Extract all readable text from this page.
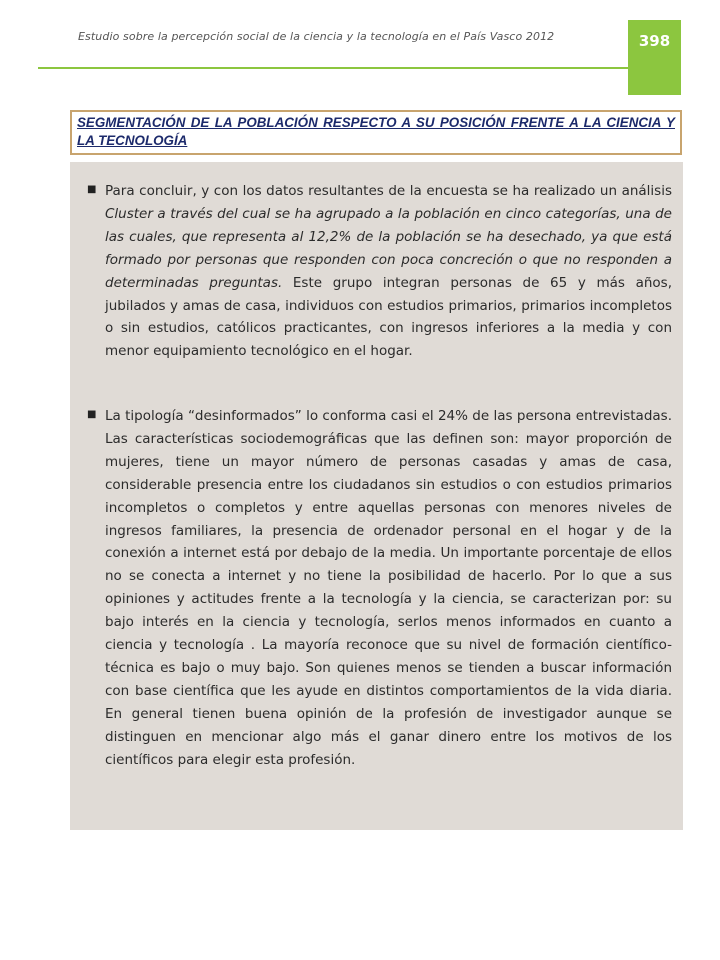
Estudio sobre la percepción social de la ciencia y la tecnología en el País Vasco 2012	398
SEGMENTACIÓN DE LA POBLACIÓN RESPECTO A SU POSICIÓN FRENTE A LA CIENCIA Y LA TECNOLOGÍA
■ Para concluir, y con los datos resultantes de la encuesta se ha realizado un análisis Cluster a través del cual se ha agrupado a la población en cinco categorías, una de las cuales, que representa al 12,2% de la población se ha desechado, ya que está formado por personas que responden con poca concreción o que no responden a determinadas preguntas. Este grupo integran personas de 65 y más años, jubilados y amas de casa, individuos con estudios primarios, primarios incompletos o sin estudios, católicos practicantes, con ingresos inferiores a la media y con menor equipamiento tecnológico en el hogar.

■ La tipología “desinformados” lo conforma casi el 24% de las persona entrevistadas. Las características sociodemográficas que las definen son: mayor proporción de mujeres, tiene un mayor número de personas casadas y amas de casa, considerable presencia entre los ciudadanos sin estudios o con estudios primarios incompletos o completos y entre aquellas personas con menores niveles de ingresos familiares, la presencia de ordenador personal en el hogar y de la conexión a internet está por debajo de la media. Un importante porcentaje de ellos no se conecta a internet y no tiene la posibilidad de hacerlo. Por lo que a sus opiniones y actitudes frente a la tecnología y la ciencia, se caracterizan por: su bajo interés en la ciencia y tecnología, serlos menos informados en cuanto a ciencia y tecnología . La mayoría reconoce que su nivel de formación científico-técnica es bajo o muy bajo. Son quienes menos se tienden a buscar información con base científica que les ayude en distintos comportamientos de la vida diaria. En general tienen buena opinión de la profesión de investigador aunque se distinguen en mencionar algo más el ganar dinero entre los motivos de los científicos para elegir esta profesión.
